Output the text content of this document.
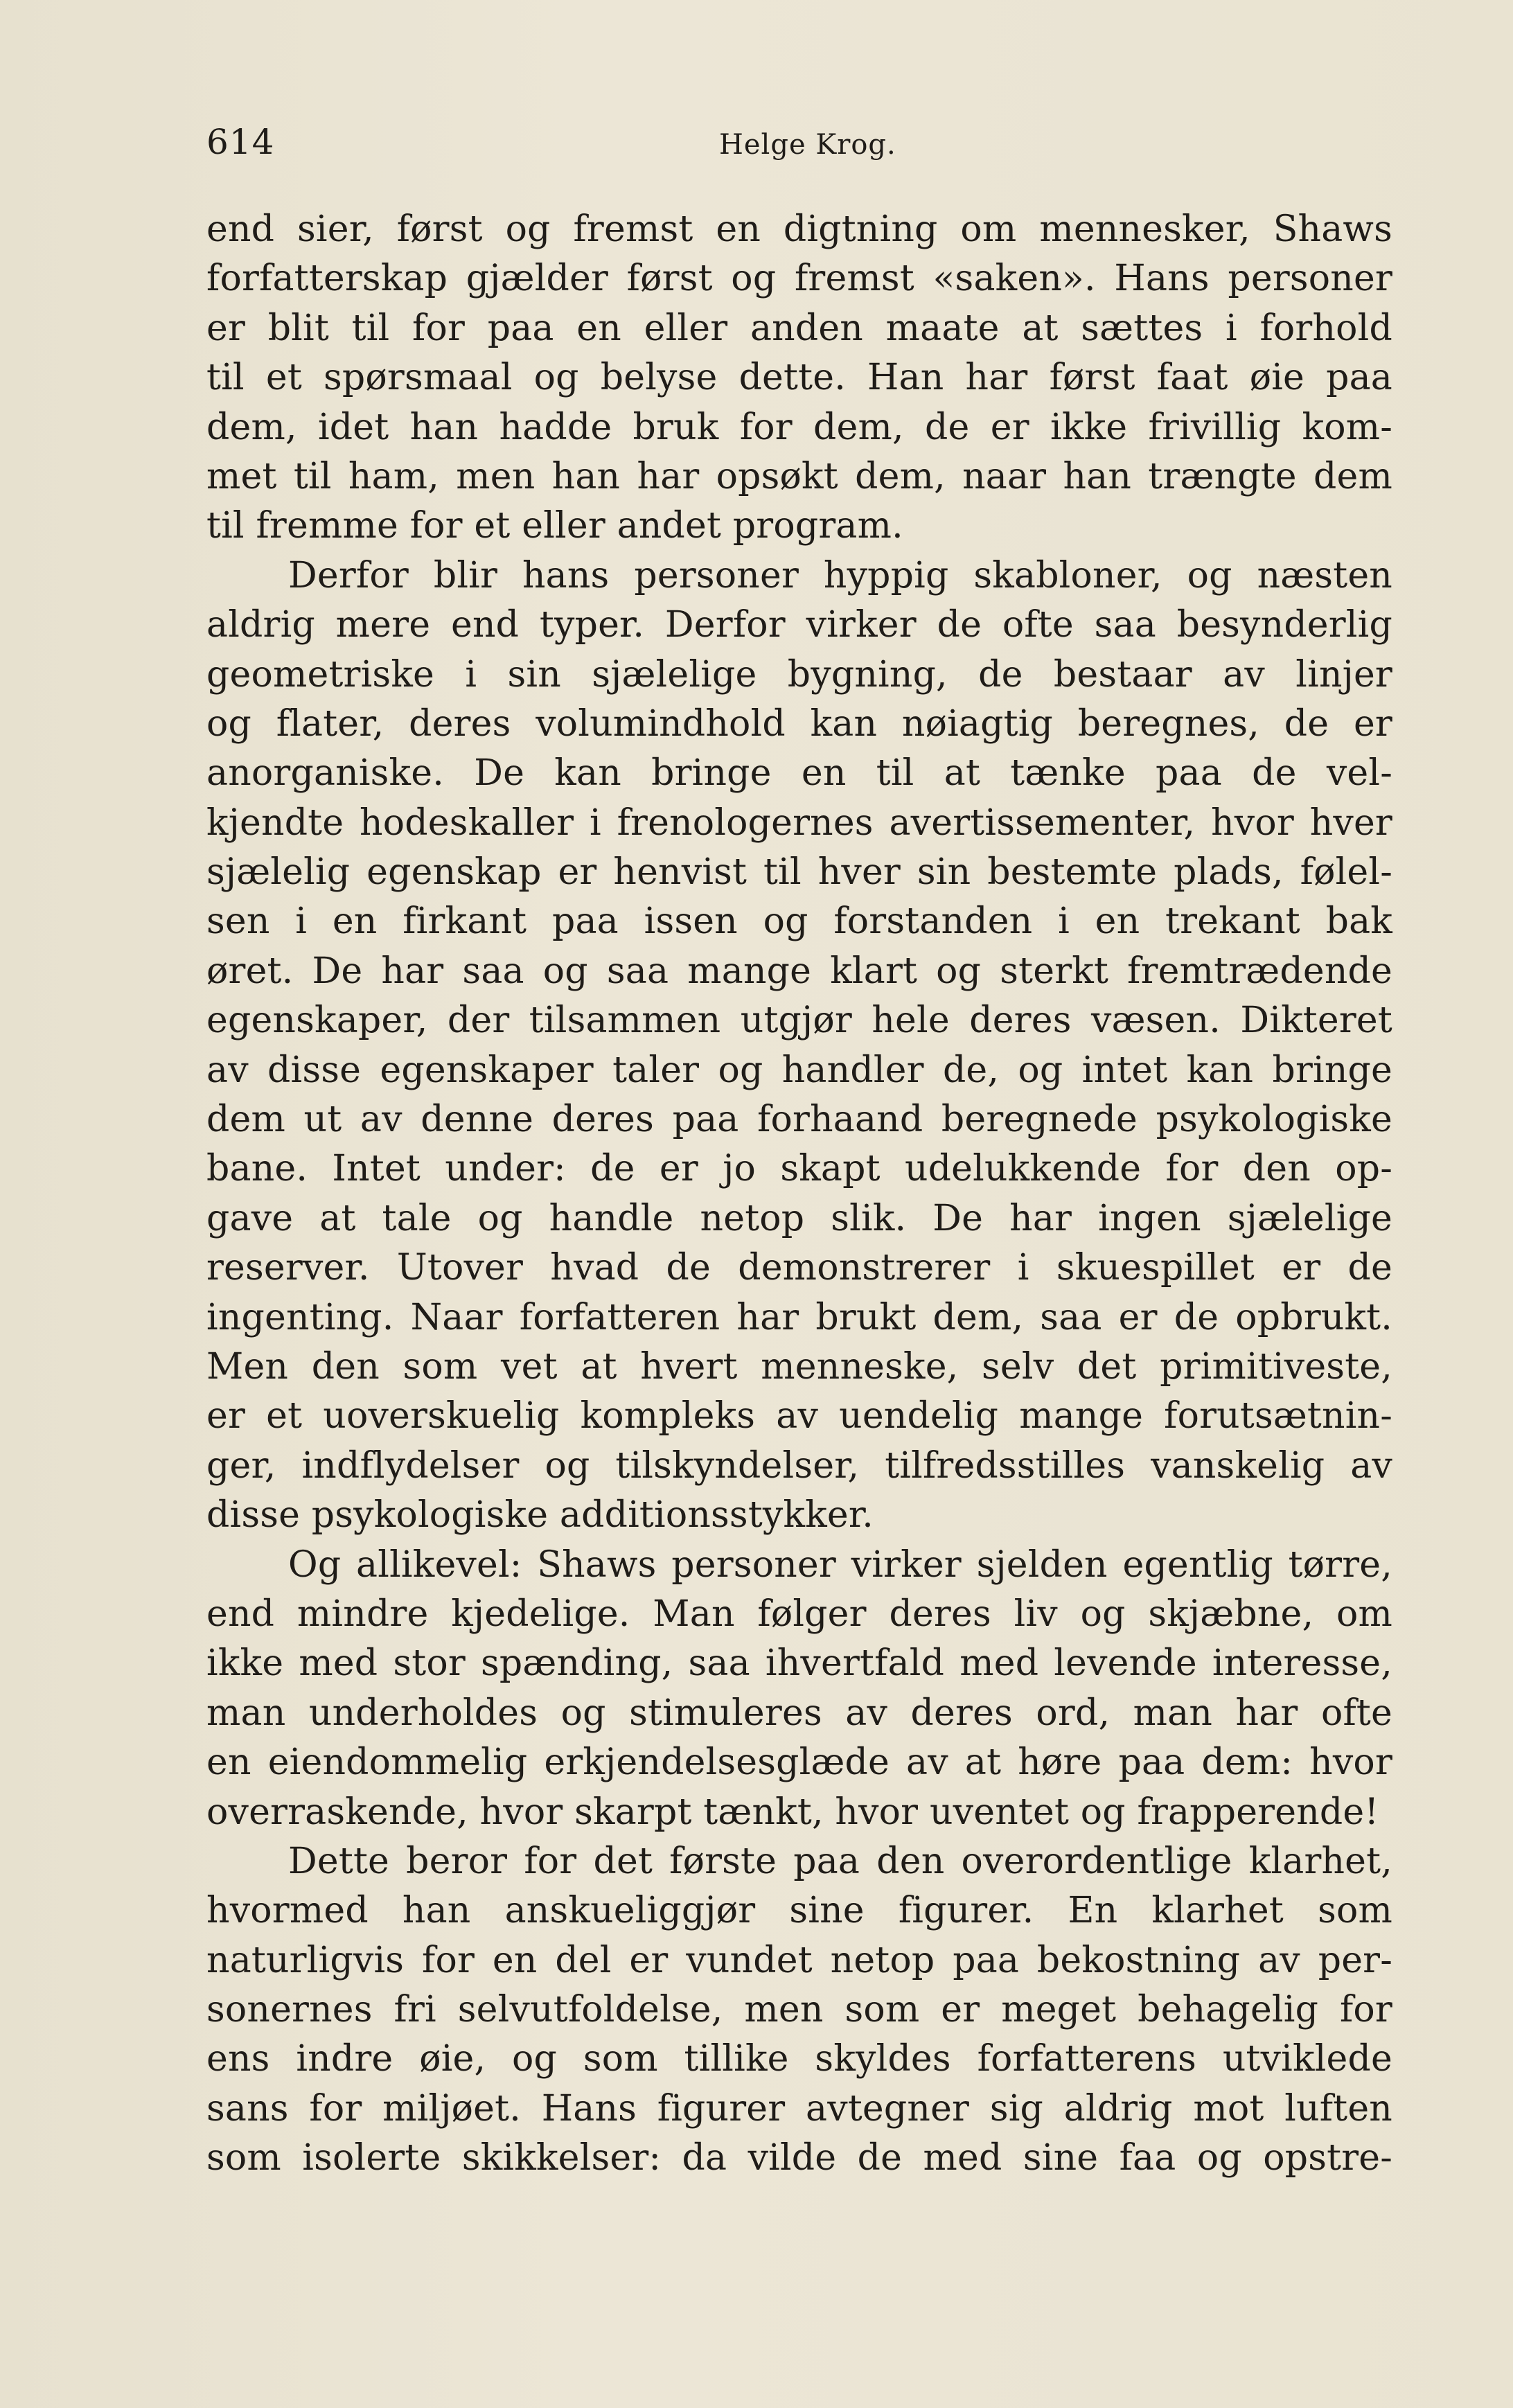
614	Helge Krog.
end sier, først og fremst en digtning om mennesker, Shaws
forfatterskap gjælder først og fremst «saken». Hans personer
er blit til for paa en eller anden maate at sættes i forhold
til et spørsmaal og belyse dette. Han har først faat øie paa
dem, idet han hadde bruk for dem, de er ikke frivillig kom-
met til ham, men han har opsøkt dem, naar han trængte dem
til fremme for et eller andet program.
Derfor blir hans personer hyppig skabloner, og næsten
aldrig mere end typer. Derfor virker de ofte saa besynderlig
geometriske i sin sjælelige bygning, de bestaar av linjer
og flater, deres volumindhold kan nøiagtig beregnes, de er
anorganiske. De kan bringe en til at tænke paa de vel-
kjendte hodeskaller i frenologernes avertissementer, hvor hver
sjælelig egenskap er henvist til hver sin bestemte plads, følel-
sen i en firkant paa issen og forstanden i en trekant bak
øret. De har saa og saa mange klart og sterkt fremtrædende
egenskaper, der tilsammen utgjør hele deres væsen. Dikteret
av disse egenskaper taler og handler de, og intet kan bringe
dem ut av denne deres paa forhaand beregnede psykologiske
bane. Intet under: de er jo skapt udelukkende for den op-
gave at tale og handle netop slik. De har ingen sjælelige
reserver. Utover hvad de demonstrerer i skuespillet er de
ingenting. Naar forfatteren har brukt dem, saa er de opbrukt.
Men den som vet at hvert menneske, selv det primitiveste,
er et uoverskuelig kompleks av uendelig mange forutsætnin-
ger, indflydelser og tilskyndelser, tilfredsstilles vanskelig av
disse psykologiske additionsstykker.
Og allikevel: Shaws personer virker sjelden egentlig tørre,
end mindre kjedelige. Man følger deres liv og skjæbne, om
ikke med stor spænding, saa ihvertfald med levende interesse,
man underholdes og stimuleres av deres ord, man har ofte
en eiendommelig erkjendelsesglæde av at høre paa dem: hvor
overraskende, hvor skarpt tænkt, hvor uventet og frapperende!
Dette beror for det første paa den overordentlige klarhet,
hvormed han anskueliggjør sine figurer. En klarhet som
naturligvis for en del er vundet netop paa bekostning av per-
sonernes fri selvutfoldelse, men som er meget behagelig for
ens indre øie, og som tillike skyldes forfatterens utviklede
sans for miljøet. Hans figurer avtegner sig aldrig mot luften
som isolerte skikkelser: da vilde de med sine faa og opstre-
